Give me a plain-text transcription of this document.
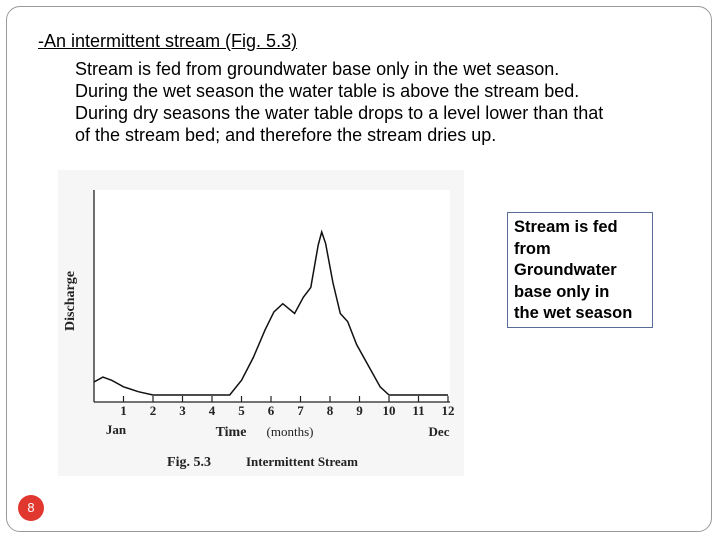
-An intermittent stream (Fig. 5.3)

Stream is fed from groundwater base only in the wet season.
During the wet season the water table is above the stream bed.
During dry seasons the water table drops to a level lower than that
of the stream bed; and therefore the stream dries up.

1 2 3 4 5 6 7 8 9 10 11 12
Discharge
Jan	Dec
Time (months)
Fig. 5.3	Intermittent Stream
Stream is fed
from
Groundwater
base only in
the wet season
8
